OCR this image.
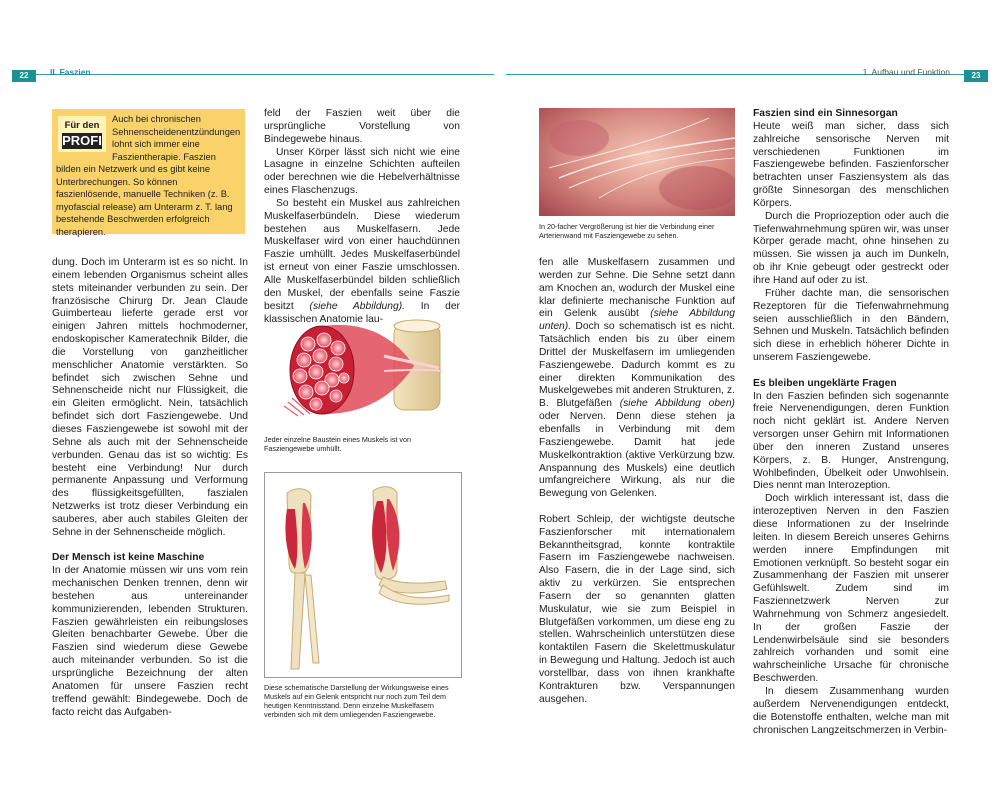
22	II. Faszien	1. Aufbau und Funktion	23
Auch bei chronischen Sehnenscheidenentzündungen lohnt sich immer eine Faszientherapie. Faszien bilden ein Netzwerk und es gibt keine Unterbrechungen. So können faszienlösende, manuelle Techniken (z. B. myofascial release) am Unterarm z. T. lang bestehende Beschwerden erfolgreich therapieren.
Für den
PROFI

dung. Doch im Unterarm ist es so nicht. In einem lebenden Organismus scheint alles stets miteinander verbunden zu sein. Der französische Chirurg Dr. Jean Claude Guimberteau lieferte gerade erst vor einigen Jahren mittels hochmoderner, endoskopischer Kameratechnik Bilder, die die Vorstellung von ganzheitlicher menschlicher Anatomie verstärkten. So befindet sich zwischen Sehne und Sehnenscheide nicht nur Flüssigkeit, die ein Gleiten ermöglicht. Nein, tatsächlich befindet sich dort Fasziengewebe. Und dieses Fasziengewebe ist sowohl mit der Sehne als auch mit der Sehnenscheide verbunden. Genau das ist so wichtig: Es besteht eine Verbindung! Nur durch permanente Anpassung und Verformung des flüssigkeitsgefüllten, faszialen Netzwerks ist trotz dieser Verbindung ein sauberes, aber auch stabiles Gleiten der Sehne in der Sehnenscheide möglich.

Der Mensch ist keine Maschine

In der Anatomie müssen wir uns vom rein mechanischen Denken trennen, denn wir bestehen aus untereinander kommunizierenden, lebenden Strukturen. Faszien gewährleisten ein reibungsloses Gleiten benachbarter Gewebe. Über die Faszien sind wiederum diese Gewebe auch miteinander verbunden. So ist die ursprüngliche Bezeichnung der alten Anatomen für unsere Faszien recht treffend gewählt: Bindegewebe. Doch de facto reicht das Aufgaben-

feld der Faszien weit über die ursprüngliche Vorstellung von Bindegewebe hinaus.

Unser Körper lässt sich nicht wie eine Lasagne in einzelne Schichten aufteilen oder berechnen wie die Hebelverhältnisse eines Flaschenzugs.

So besteht ein Muskel aus zahlreichen Muskelfaserbündeln. Diese wiederum bestehen aus Muskelfasern. Jede Muskelfaser wird von einer hauchdünnen Faszie umhüllt. Jedes Muskelfaserbündel ist erneut von einer Faszie umschlossen. Alle Muskelfaserbündel bilden schließlich den Muskel, der ebenfalls seine Faszie besitzt (siehe Abbildung). In der klassischen Anatomie lau-

Jeder einzelne Baustein eines Muskels ist von Fasziengewebe umhüllt.
Diese schematische Darstellung der Wirkungsweise eines Muskels auf ein Gelenk entspricht nur noch zum Teil dem heutigen Kenntnisstand. Denn einzelne Muskelfasern verbinden sich mit dem umliegenden Fasziengewebe.
In 20-facher Vergrößerung ist hier die Verbindung einer Arterienwand mit Fasziengewebe zu sehen.

fen alle Muskelfasern zusammen und werden zur Sehne. Die Sehne setzt dann am Knochen an, wodurch der Muskel eine klar definierte mechanische Funktion auf ein Gelenk ausübt (siehe Abbildung unten). Doch so schematisch ist es nicht. Tatsächlich enden bis zu über einem Drittel der Muskelfasern im umliegenden Fasziengewebe. Dadurch kommt es zu einer direkten Kommunikation des Muskelgewebes mit anderen Strukturen, z. B. Blutgefäßen (siehe Abbildung oben) oder Nerven. Denn diese stehen ja ebenfalls in Verbindung mit dem Fasziengewebe. Damit hat jede Muskelkontraktion (aktive Verkürzung bzw. Anspannung des Muskels) eine deutlich umfangreichere Wirkung, als nur die Bewegung von Gelenken.

Robert Schleip, der wichtigste deutsche Faszienforscher mit internationalem Bekanntheitsgrad, konnte kontraktile Fasern im Fasziengewebe nachweisen. Also Fasern, die in der Lage sind, sich aktiv zu verkürzen. Sie entsprechen Fasern der so genannten glatten Muskulatur, wie sie zum Beispiel in Blutgefäßen vorkommen, um diese eng zu stellen. Wahrscheinlich unterstützen diese kontaktilen Fasern die Skelettmuskulatur in Bewegung und Haltung. Jedoch ist auch vorstellbar, dass von ihnen krankhafte Kontrakturen bzw. Verspannungen ausgehen.

Faszien sind ein Sinnesorgan

Heute weiß man sicher, dass sich zahlreiche sensorische Nerven mit verschiedenen Funktionen im Fasziengewebe befinden. Faszienforscher betrachten unser Fasziensystem als das größte Sinnesorgan des menschlichen Körpers.

Durch die Propriozeption oder auch die Tiefenwahrnehmung spüren wir, was unser Körper gerade macht, ohne hinsehen zu müssen. Sie wissen ja auch im Dunkeln, ob ihr Knie gebeugt oder gestreckt oder ihre Hand auf oder zu ist.

Früher dachte man, die sensorischen Rezeptoren für die Tiefenwahrnehmung seien ausschließlich in den Bändern, Sehnen und Muskeln. Tatsächlich befinden sich diese in erheblich höherer Dichte in unserem Fasziengewebe.

Es bleiben ungeklärte Fragen

In den Faszien befinden sich sogenannte freie Nervenendigungen, deren Funktion noch nicht geklärt ist. Andere Nerven versorgen unser Gehirn mit Informationen über den inneren Zustand unseres Körpers, z. B. Hunger, Anstrengung, Wohlbefinden, Übelkeit oder Unwohlsein. Dies nennt man Interozeption.

Doch wirklich interessant ist, dass die interozeptiven Nerven in den Faszien diese Informationen zu der Inselrinde leiten. In diesem Bereich unseres Gehirns werden innere Empfindungen mit Emotionen verknüpft. So besteht sogar ein Zusammenhang der Faszien mit unserer Gefühlswelt. Zudem sind im Fasziennetzwerk Nerven zur Wahrnehmung von Schmerz angesiedelt. In der großen Faszie der Lendenwirbelsäule sind sie besonders zahlreich vorhanden und somit eine wahrscheinliche Ursache für chronische Beschwerden.

In diesem Zusammenhang wurden außerdem Nervenendigungen entdeckt, die Botenstoffe enthalten, welche man mit chronischen Langzeitschmerzen in Verbin-
